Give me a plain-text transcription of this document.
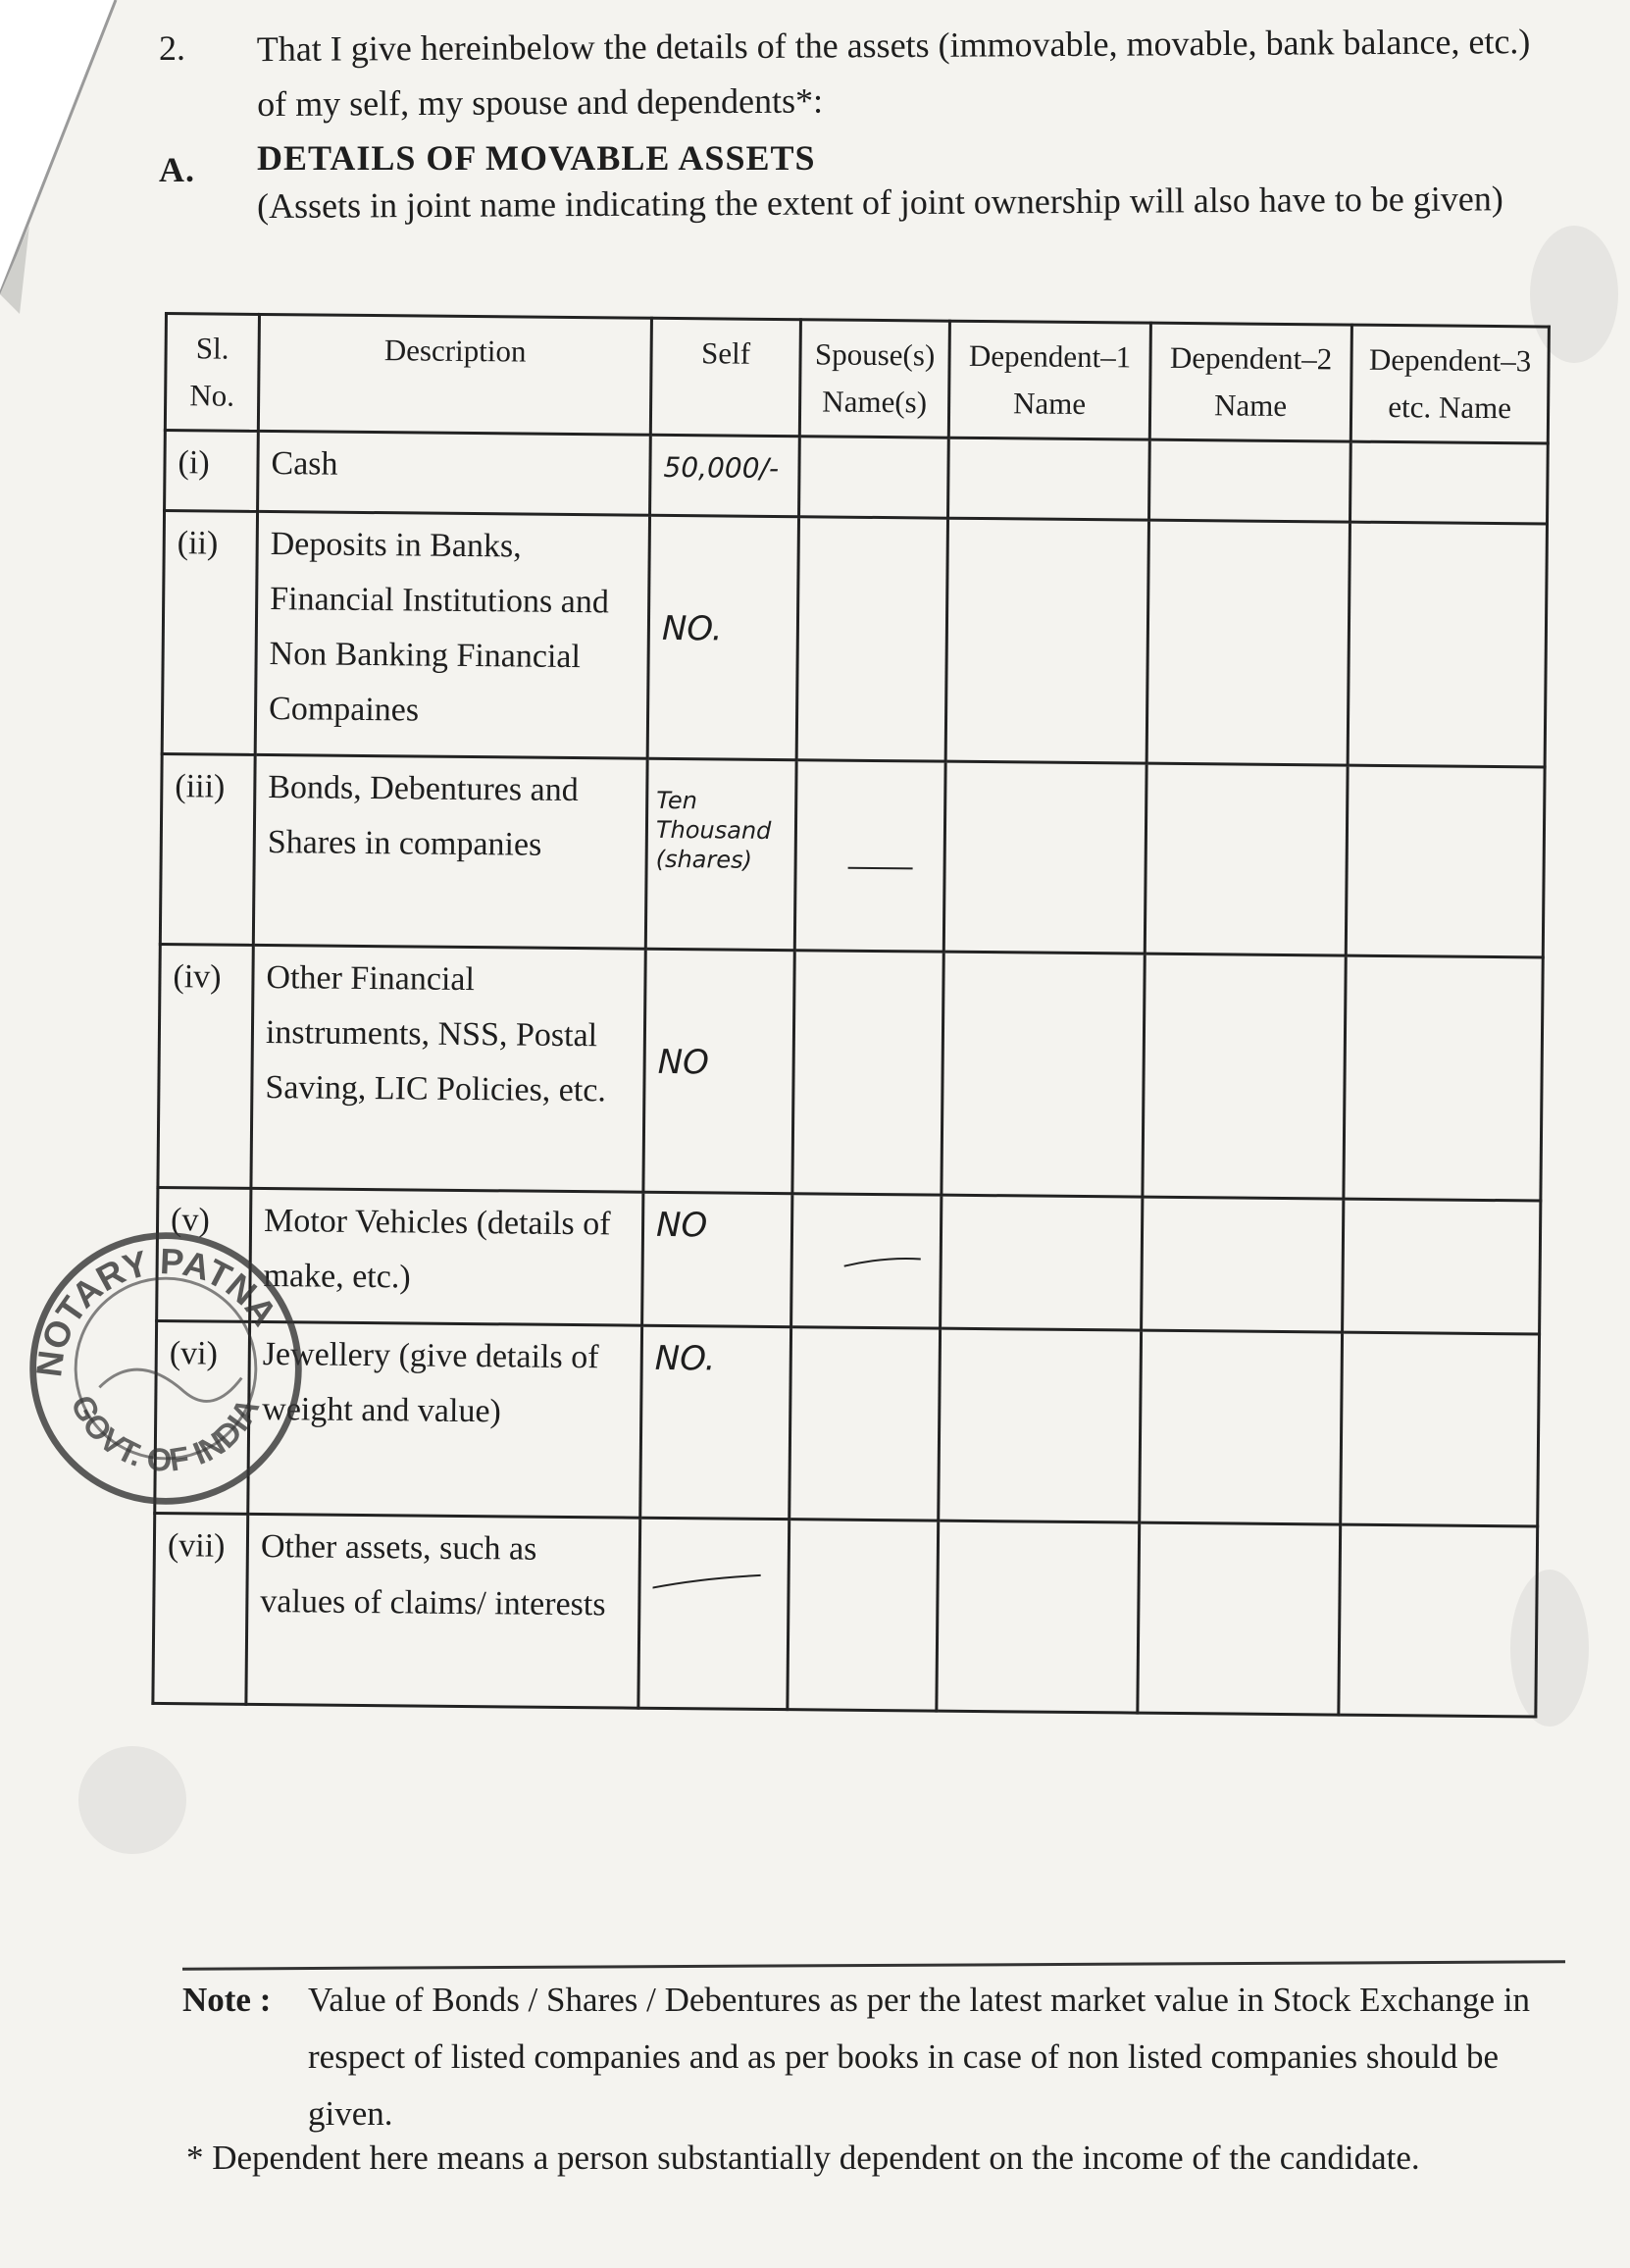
2. That I give hereinbelow the details of the assets (immovable, movable, bank balance, etc.) of my self, my spouse and dependents*:
A. DETAILS OF MOVABLE ASSETS
(Assets in joint name indicating the extent of joint ownership will also have to be given)
Sl. No.	Description	Self	Spouse(s) Name(s)	Dependent–1 Name	Dependent–2 Name	Dependent–3 etc. Name
(i)	Cash	50,000/-				
(ii)	Deposits in Banks, Financial Institutions and Non Banking Financial Compaines	NO.				
(iii)	Bonds, Debentures and Shares in companies	Ten Thousand (shares)				
(iv)	Other Financial instruments, NSS, Postal Saving, LIC Policies, etc.	NO				
(v)	Motor Vehicles (details of make, etc.)	NO				
(vi)	Jewellery (give details of weight and value)	NO.				
(vii)	Other assets, such as values of claims/ interests					
NOTARY PATNA
GOVT. OF INDIA
Note : Value of Bonds / Shares / Debentures as per the latest market value in Stock Exchange in respect of listed companies and as per books in case of non listed companies should be given.
* Dependent here means a person substantially dependent on the income of the candidate.
